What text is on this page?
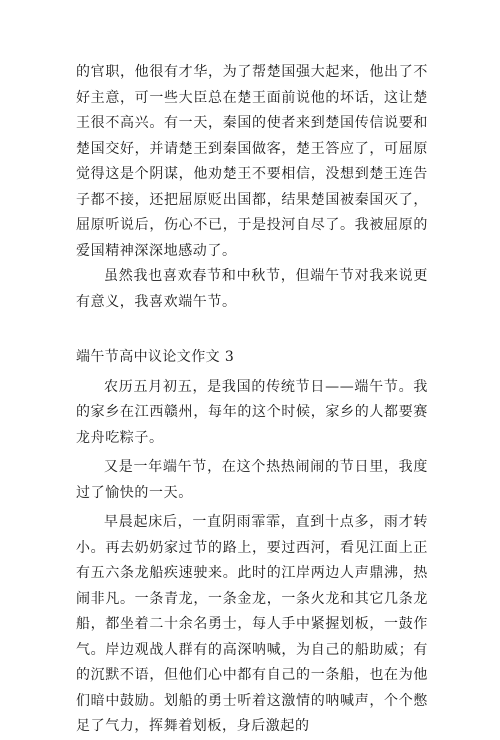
的官职，他很有才华，为了帮楚国强大起来，他出了不好主意，可一些大臣总在楚王面前说他的坏话，这让楚王很不高兴。有一天，秦国的使者来到楚国传信说要和楚国交好，并请楚王到秦国做客，楚王答应了，可屈原觉得这是个阴谋，他劝楚王不要相信，没想到楚王连告子都不接，还把屈原贬出国都，结果楚国被秦国灭了，屈原听说后，伤心不已，于是投河自尽了。我被屈原的爱国精神深深地感动了。

虽然我也喜欢春节和中秋节，但端午节对我来说更有意义，我喜欢端午节。

端午节高中议论文作文 3

农历五月初五，是我国的传统节日——端午节。我的家乡在江西赣州，每年的这个时候，家乡的人都要赛龙舟吃粽子。

又是一年端午节，在这个热热闹闹的节日里，我度过了愉快的一天。

早晨起床后，一直阴雨霏霏，直到十点多，雨才转小。再去奶奶家过节的路上，要过西河，看见江面上正有五六条龙船疾速驶来。此时的江岸两边人声鼎沸，热闹非凡。一条青龙，一条金龙，一条火龙和其它几条龙船，都坐着二十余名勇士，每人手中紧握划板，一鼓作气。岸边观战人群有的高深呐喊，为自己的船助威；有的沉默不语，但他们心中都有自己的一条船，也在为他们暗中鼓励。划船的勇士听着这激情的呐喊声，个个憋足了气力，挥舞着划板，身后激起的
